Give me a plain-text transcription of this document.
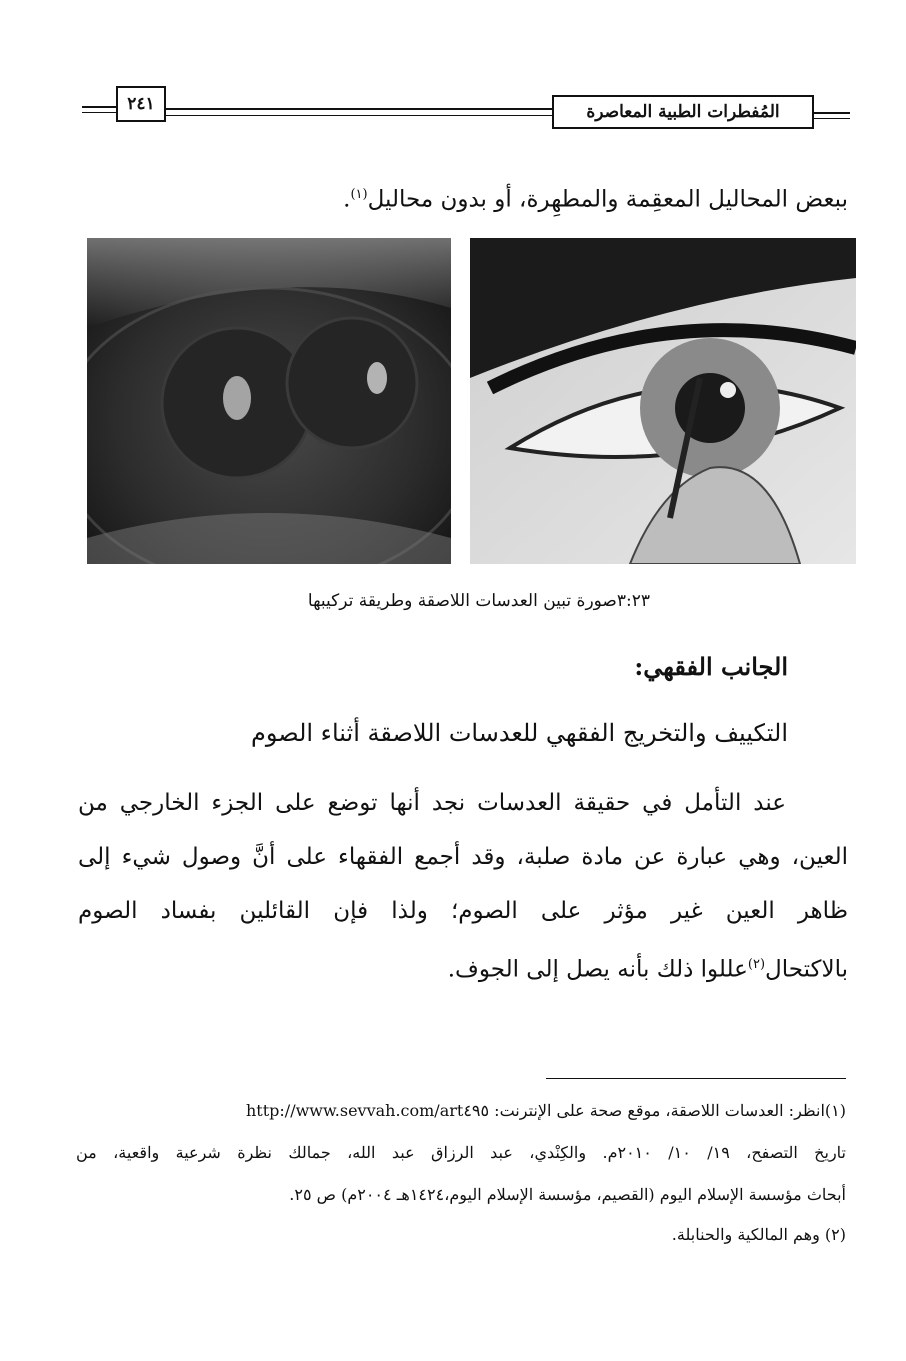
٢٤١	المُفطرات الطبية المعاصرة
ببعض المحاليل المعقِمة والمطهِرة، أو بدون محاليل$^{(١)}$.
٣:٢٣صورة تبين العدسات اللاصقة وطريقة تركيبها
الجانب الفقهي:
التكييف والتخريج الفقهي للعدسات اللاصقة أثناء الصوم
عند التأمل في حقيقة العدسات نجد أنها توضع على الجزء الخارجي من
العين، وهي عبارة عن مادة صلبة، وقد أجمع الفقهاء على أنَّ وصول شيء إلى
ظاهر العين غير مؤثر على الصوم؛ ولذا فإن القائلين بفساد الصوم
بالاكتحال$^{(٢)}$عللوا ذلك بأنه يصل إلى الجوف.
(١)انظر: العدسات اللاصقة، موقع صحة على الإنترنت: http://www.sevvah.com/art٤٩٥
تاريخ التصفح، ١٩/ ١٠/ ٢٠١٠م. والكِنْدي، عبد الرزاق عبد الله، جمالك نظرة شرعية واقعية، من
أبحاث مؤسسة الإسلام اليوم (القصيم، مؤسسة الإسلام اليوم،١٤٢٤هـ ٢٠٠٤م) ص ٢٥.
(٢) وهم المالكية والحنابلة.
